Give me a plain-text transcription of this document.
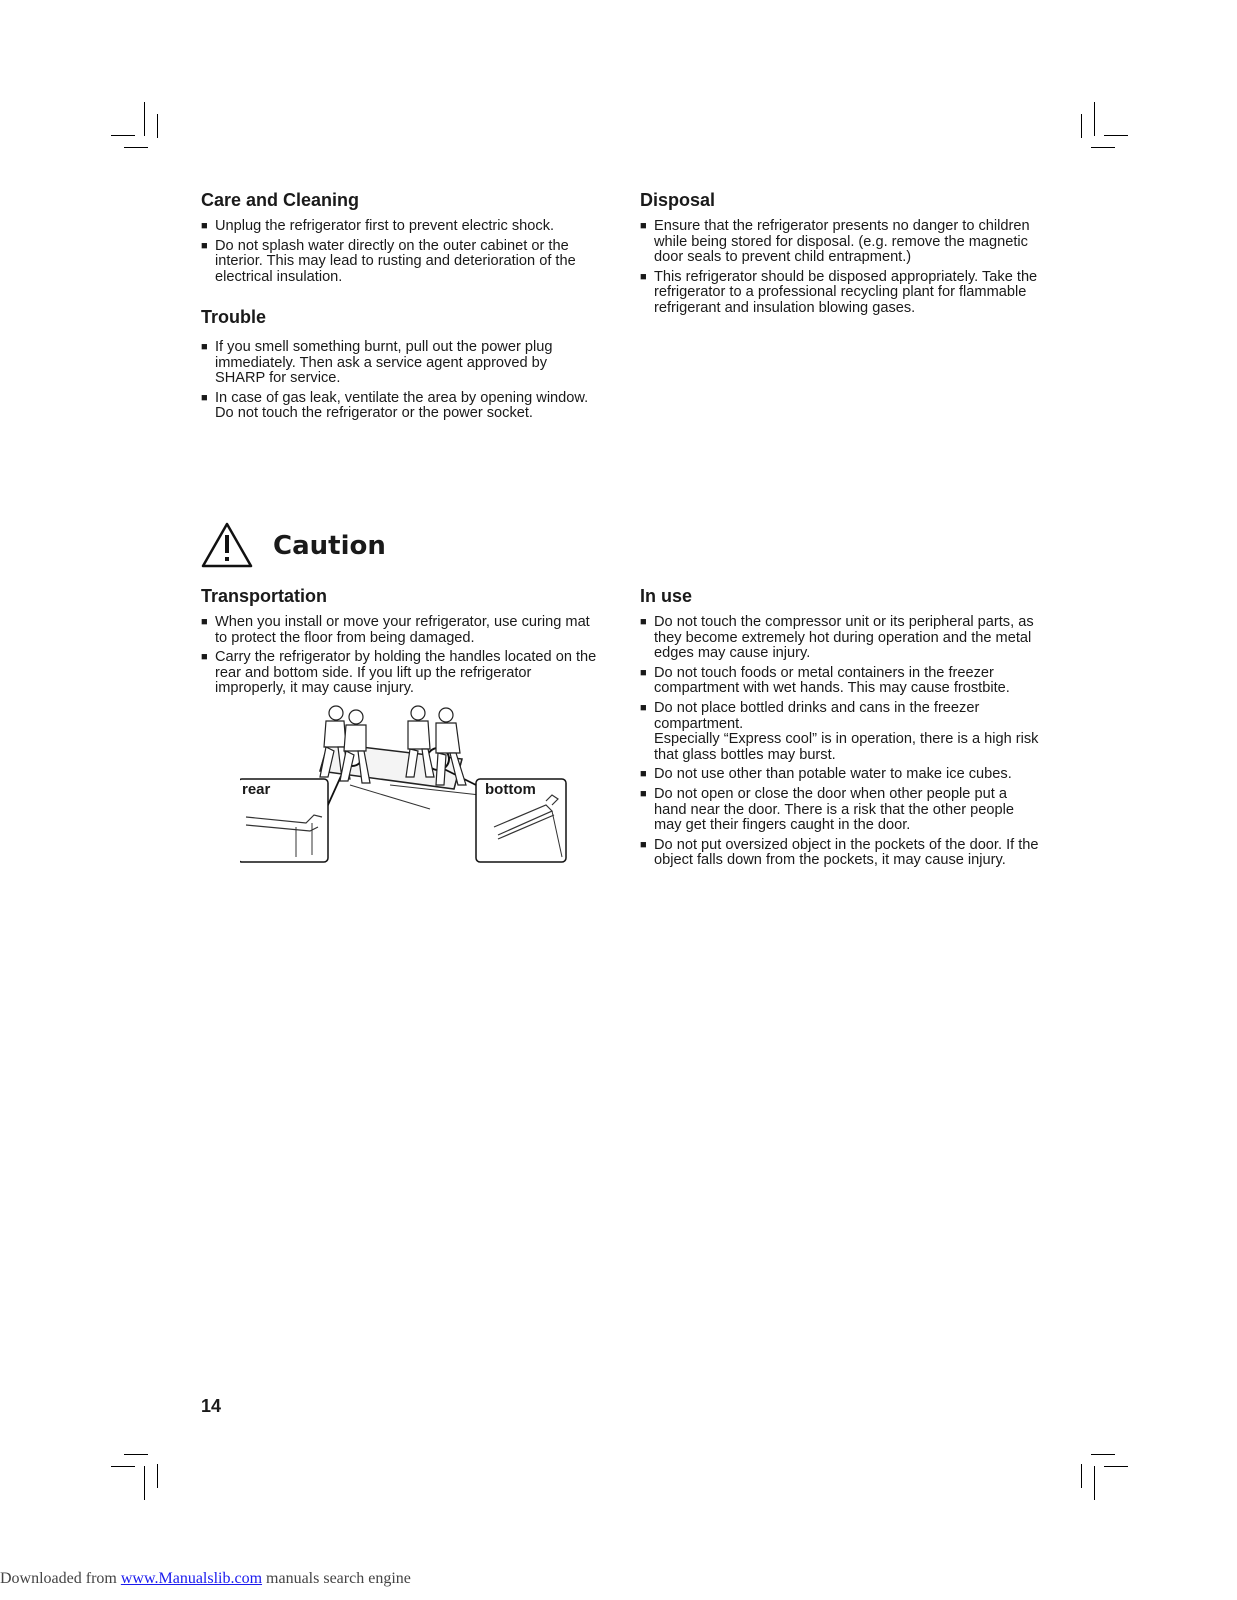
Care and Cleaning
■ Unplug the refrigerator first to prevent electric shock.
■ Do not splash water directly on the outer cabinet or the interior. This may lead to rusting and deterioration of the electrical insulation.
Trouble
■ If you smell something burnt, pull out the power plug immediately. Then ask a service agent approved by SHARP for service.
■ In case of gas leak, ventilate the area by opening window. Do not touch the refrigerator or the power socket.
Disposal
■ Ensure that the refrigerator presents no danger to children while being stored for disposal. (e.g. remove the magnetic door seals to prevent child entrapment.)
■ This refrigerator should be disposed appropriately. Take the refrigerator to a professional recycling plant for flammable refrigerant and insulation blowing gases.
Caution
Transportation
■ When you install or move your refrigerator, use curing mat to protect the floor from being damaged.
■ Carry the refrigerator by holding the handles located on the rear and bottom side. If you lift up the refrigerator improperly, it may cause injury.
rear	bottom
In use
■ Do not touch the compressor unit or its peripheral parts, as they become extremely hot during operation and the metal edges may cause injury.
■ Do not touch foods or metal containers in the freezer compartment with wet hands. This may cause frostbite.
■ Do not place bottled drinks and cans in the freezer compartment.
Especially “Express cool” is in operation, there is a high risk that glass bottles may burst.
■ Do not use other than potable water to make ice cubes.
■ Do not open or close the door when other people put a hand near the door. There is a risk that the other people may get their fingers caught in the door.
■ Do not put oversized object in the pockets of the door. If the object falls down from the pockets, it may cause injury.
14
Downloaded from www.Manualslib.com manuals search engine
